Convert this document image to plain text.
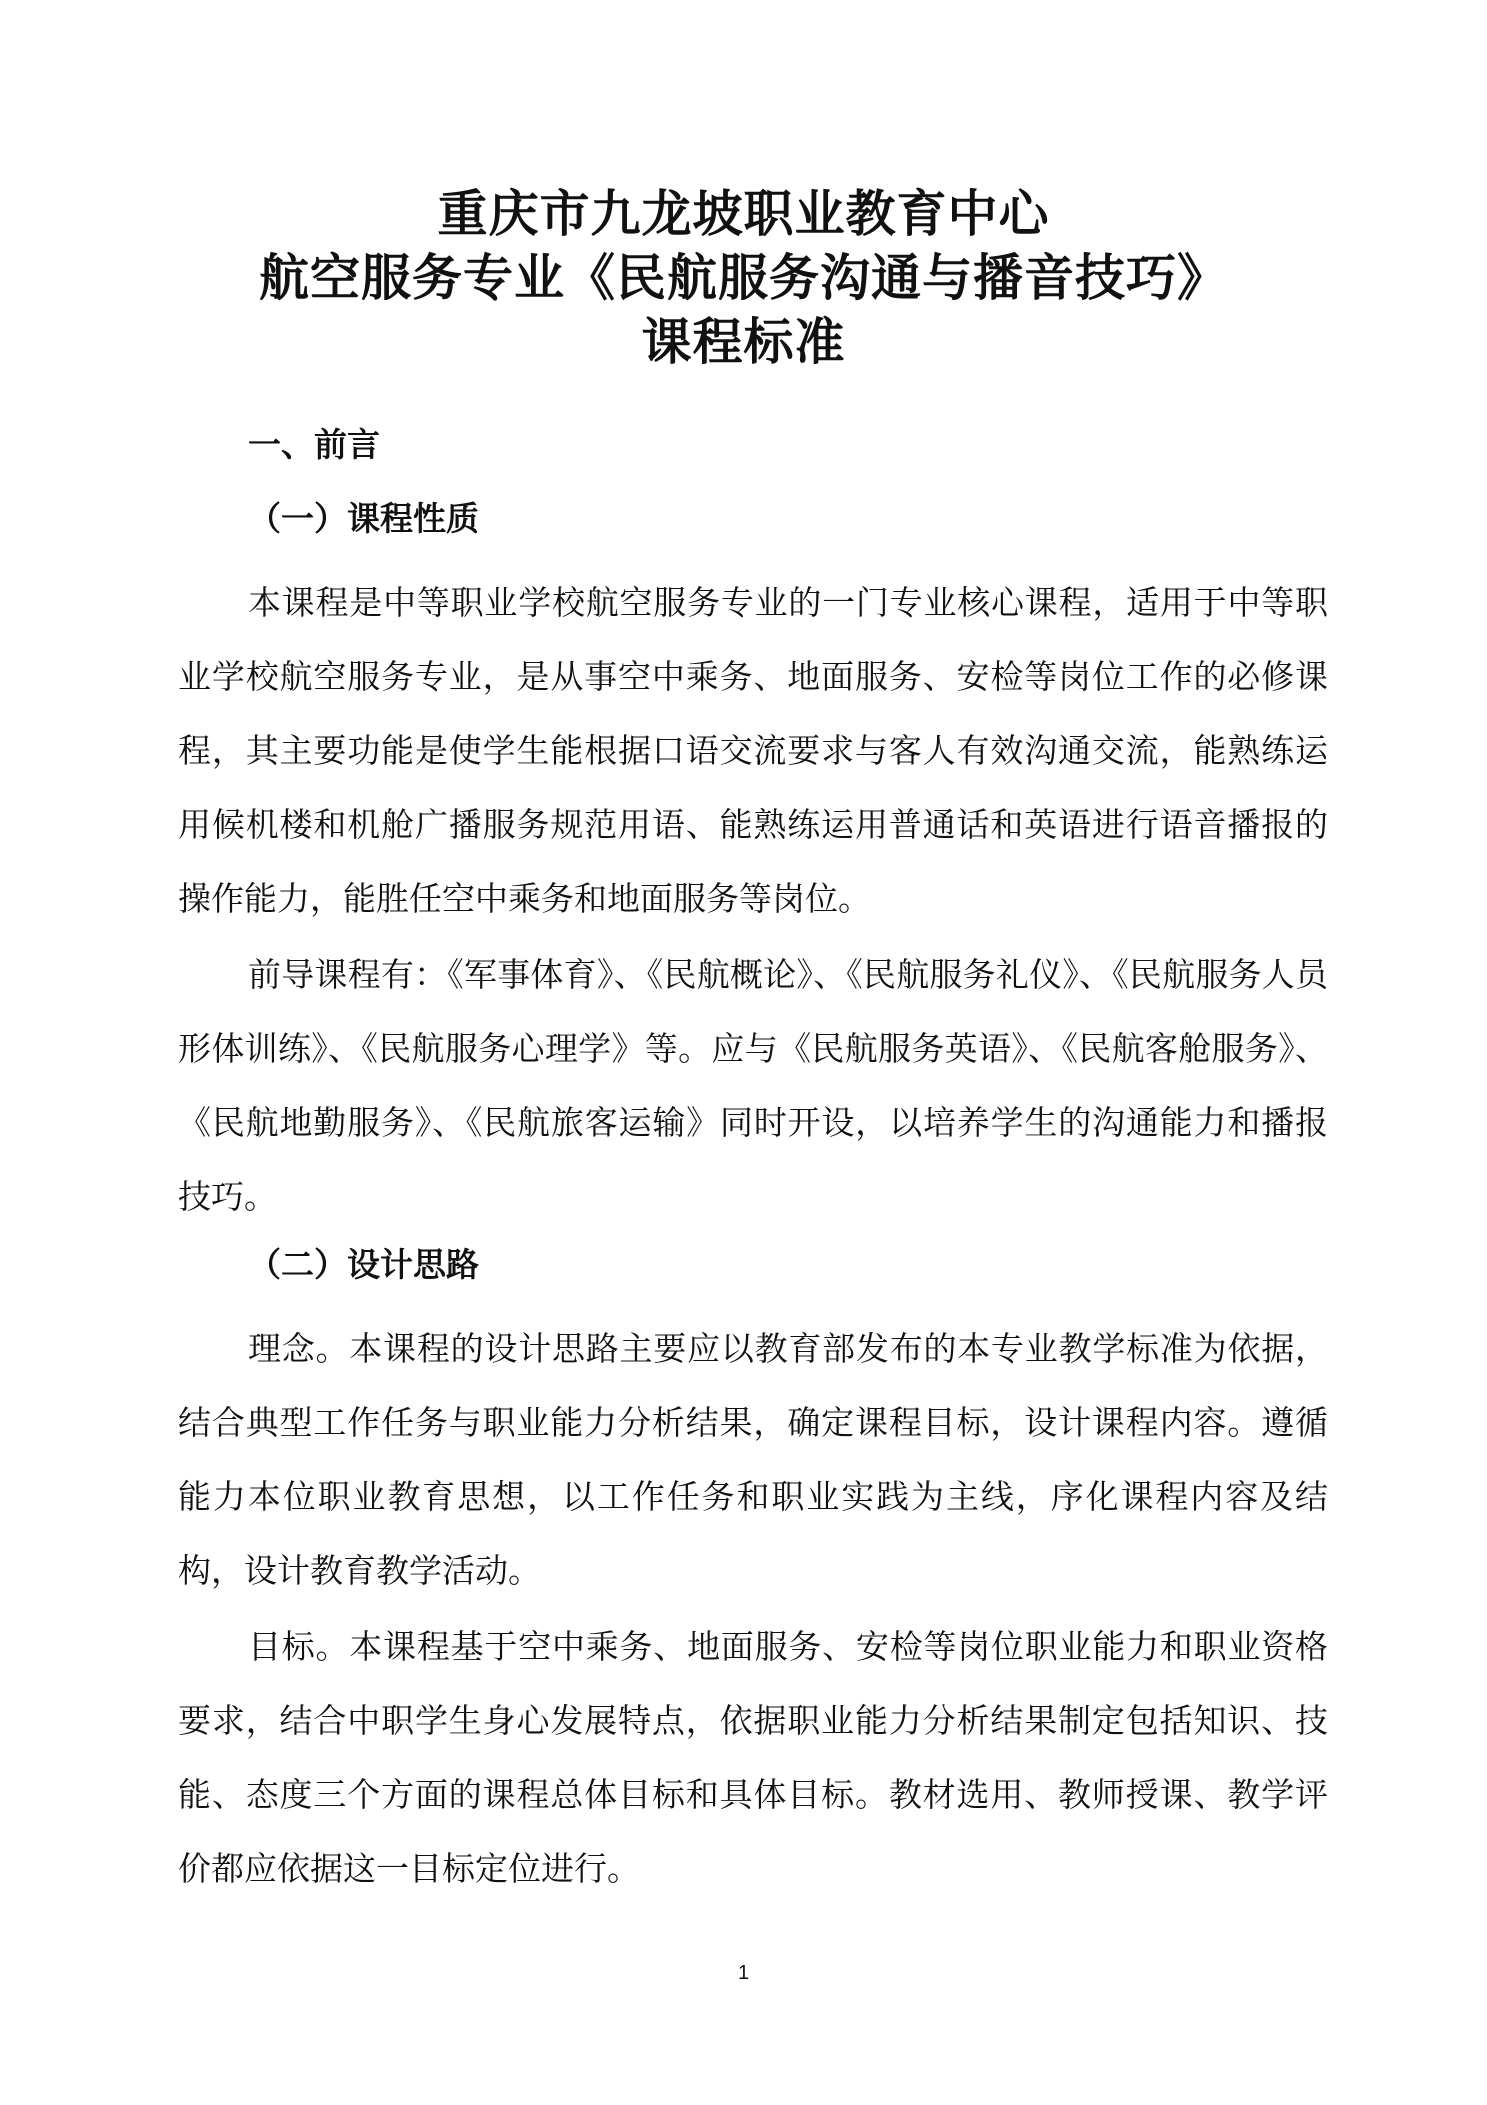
重庆市九龙坡职业教育中心
航空服务专业《民航服务沟通与播音技巧》
课程标准
一、前言
（一）课程性质

本课程是中等职业学校航空服务专业的一门专业核心课程，适用于中等职业学校航空服务专业，是从事空中乘务、地面服务、安检等岗位工作的必修课程，其主要功能是使学生能根据口语交流要求与客人有效沟通交流，能熟练运用候机楼和机舱广播服务规范用语、能熟练运用普通话和英语进行语音播报的操作能力，能胜任空中乘务和地面服务等岗位。

前导课程有：《军事体育》、《民航概论》、《民航服务礼仪》、《民航服务人员形体训练》、《民航服务心理学》等。应与《民航服务英语》、《民航客舱服务》、《民航地勤服务》、《民航旅客运输》同时开设，以培养学生的沟通能力和播报技巧。

（二）设计思路

理念。本课程的设计思路主要应以教育部发布的本专业教学标准为依据，结合典型工作任务与职业能力分析结果，确定课程目标，设计课程内容。遵循能力本位职业教育思想，以工作任务和职业实践为主线，序化课程内容及结构，设计教育教学活动。

目标。本课程基于空中乘务、地面服务、安检等岗位职业能力和职业资格要求，结合中职学生身心发展特点，依据职业能力分析结果制定包括知识、技能、态度三个方面的课程总体目标和具体目标。教材选用、教师授课、教学评价都应依据这一目标定位进行。

1
